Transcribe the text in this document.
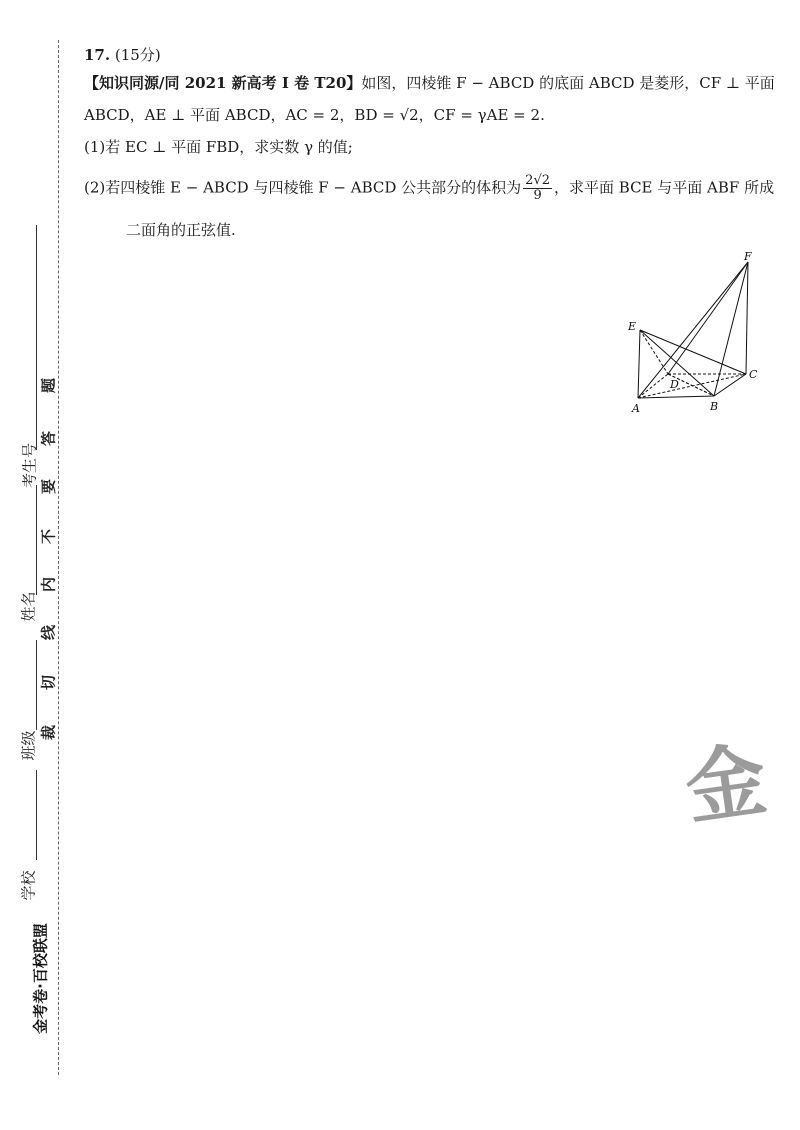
考生号
姓名
班级
学校
题
答
要
不
内
线
切
裁
金考卷·百校联盟
17. (15分)
【知识同源/同 2021 新高考 I 卷 T20】如图，四棱锥 F − ABCD 的底面 ABCD 是菱形，CF ⊥ 平面
ABCD，AE ⊥ 平面 ABCD，AC = 2，BD = √2，CF = γAE = 2.
(1)若 EC ⊥ 平面 FBD，求实数 γ 的值;
(2)若四棱锥 E − ABCD 与四棱锥 F − ABCD 公共部分的体积为 $\frac{2√2}{9}$ ，求平面 BCE 与平面 ABF 所成
二面角的正弦值.
F
E
D
C
A	B
金
